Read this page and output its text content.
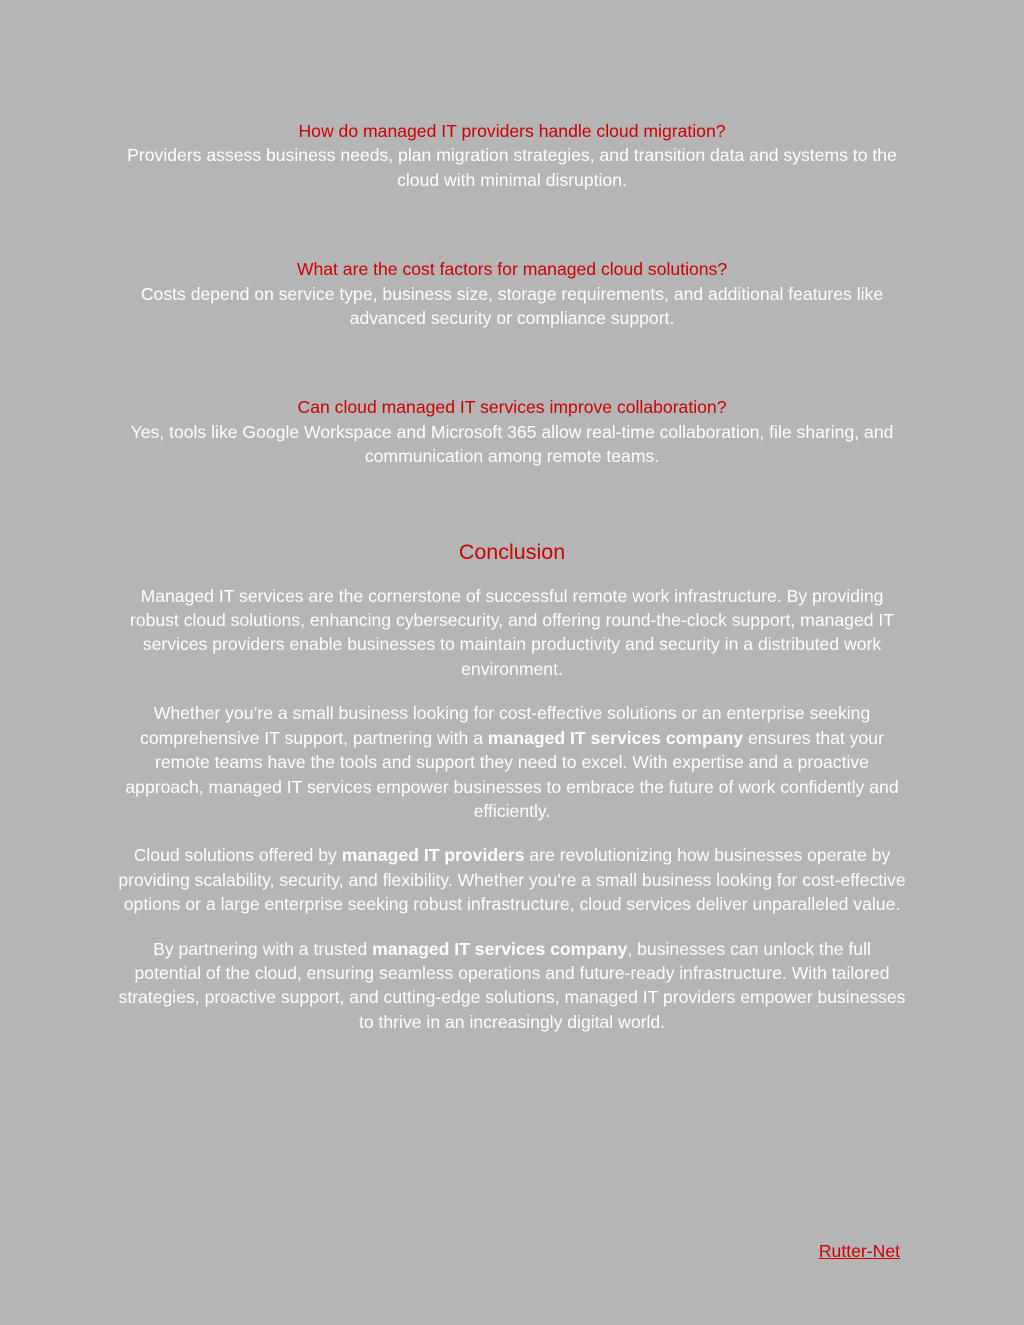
How do managed IT providers handle cloud migration?

Providers assess business needs, plan migration strategies, and transition data and systems to the cloud with minimal disruption.

What are the cost factors for managed cloud solutions?

Costs depend on service type, business size, storage requirements, and additional features like advanced security or compliance support.

Can cloud managed IT services improve collaboration?

Yes, tools like Google Workspace and Microsoft 365 allow real-time collaboration, file sharing, and communication among remote teams.

Conclusion

Managed IT services are the cornerstone of successful remote work infrastructure. By providing robust cloud solutions, enhancing cybersecurity, and offering round-the-clock support, managed IT services providers enable businesses to maintain productivity and security in a distributed work environment.

Whether you’re a small business looking for cost-effective solutions or an enterprise seeking comprehensive IT support, partnering with a managed IT services company ensures that your remote teams have the tools and support they need to excel. With expertise and a proactive approach, managed IT services empower businesses to embrace the future of work confidently and efficiently.

Cloud solutions offered by managed IT providers are revolutionizing how businesses operate by providing scalability, security, and flexibility. Whether you're a small business looking for cost-effective options or a large enterprise seeking robust infrastructure, cloud services deliver unparalleled value.

By partnering with a trusted managed IT services company, businesses can unlock the full potential of the cloud, ensuring seamless operations and future-ready infrastructure. With tailored strategies, proactive support, and cutting-edge solutions, managed IT providers empower businesses to thrive in an increasingly digital world.

Rutter-Net
